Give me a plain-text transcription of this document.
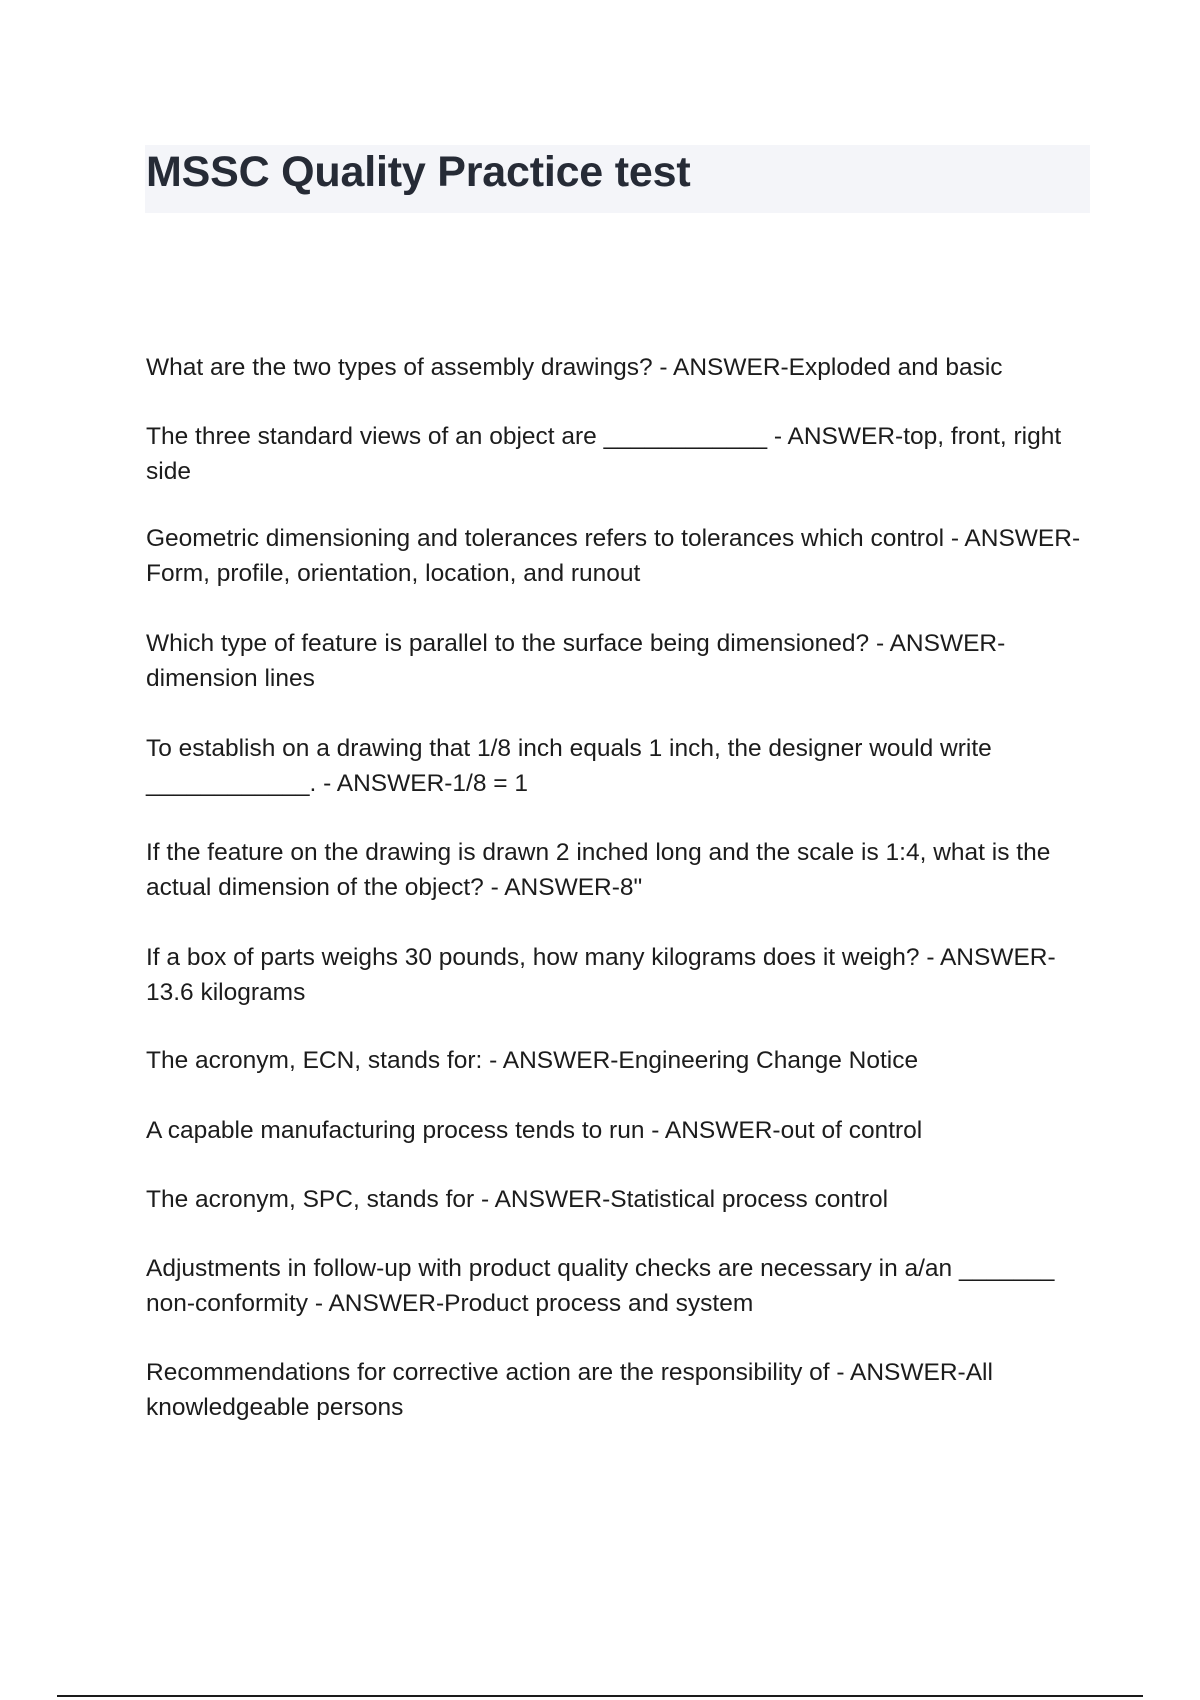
MSSC Quality Practice test

What are the two types of assembly drawings? - ANSWER-Exploded and basic

The three standard views of an object are ____________ - ANSWER-top, front, right side

Geometric dimensioning and tolerances refers to tolerances which control - ANSWER-Form, profile, orientation, location, and runout

Which type of feature is parallel to the surface being dimensioned? - ANSWER-dimension lines

To establish on a drawing that 1/8 inch equals 1 inch, the designer would write ____________. - ANSWER-1/8 = 1

If the feature on the drawing is drawn 2 inched long and the scale is 1:4, what is the actual dimension of the object? - ANSWER-8"

If a box of parts weighs 30 pounds, how many kilograms does it weigh? - ANSWER-13.6 kilograms

The acronym, ECN, stands for: - ANSWER-Engineering Change Notice

A capable manufacturing process tends to run - ANSWER-out of control

The acronym, SPC, stands for - ANSWER-Statistical process control

Adjustments in follow-up with product quality checks are necessary in a/an _______ non-conformity - ANSWER-Product process and system

Recommendations for corrective action are the responsibility of - ANSWER-All knowledgeable persons
